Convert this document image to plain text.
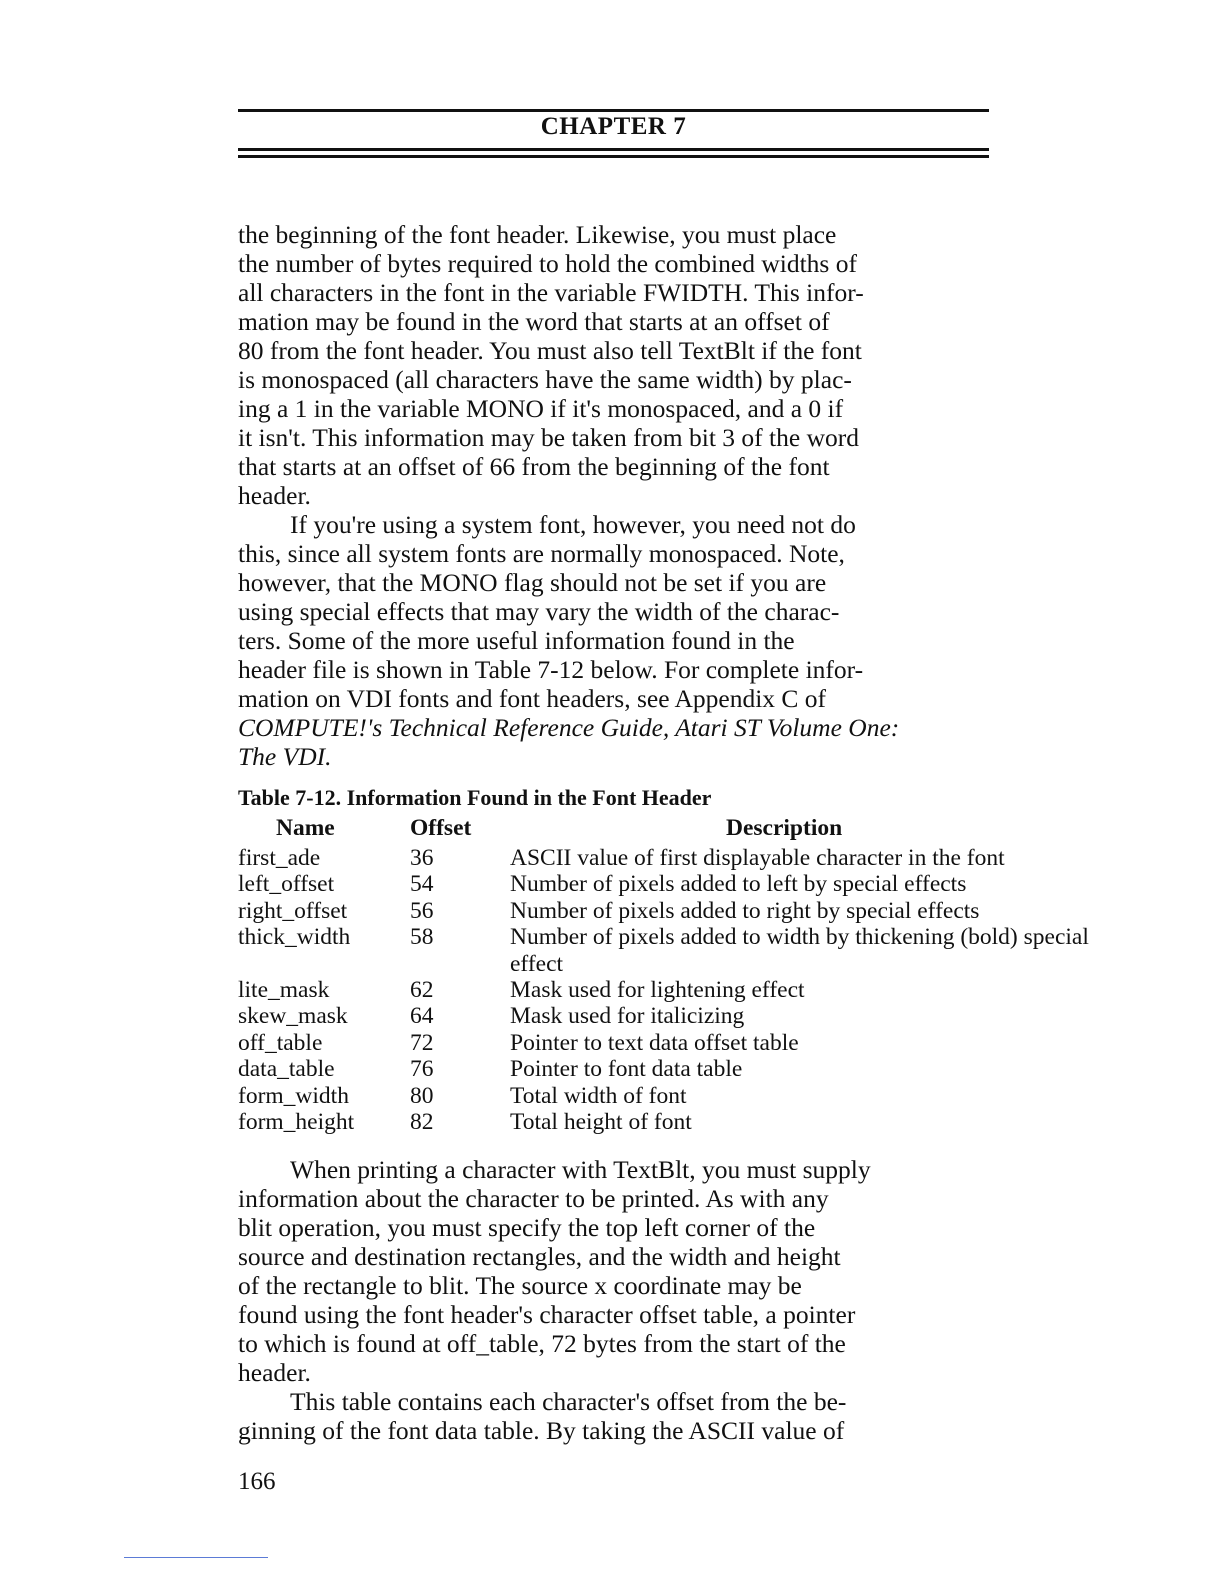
CHAPTER 7
the beginning of the font header. Likewise, you must place
the number of bytes required to hold the combined widths of
all characters in the font in the variable FWIDTH. This infor-
mation may be found in the word that starts at an offset of
80 from the font header. You must also tell TextBlt if the font
is monospaced (all characters have the same width) by plac-
ing a 1 in the variable MONO if it's monospaced, and a 0 if
it isn't. This information may be taken from bit 3 of the word
that starts at an offset of 66 from the beginning of the font
header.
If you're using a system font, however, you need not do
this, since all system fonts are normally monospaced. Note,
however, that the MONO flag should not be set if you are
using special effects that may vary the width of the charac-
ters. Some of the more useful information found in the
header file is shown in Table 7-12 below. For complete infor-
mation on VDI fonts and font headers, see Appendix C of
COMPUTE!'s Technical Reference Guide, Atari ST Volume One:
The VDI.
Table 7-12. Information Found in the Font Header
Name	Offset	Description
first_ade	36	ASCII value of first displayable character in the font
left_offset	54	Number of pixels added to left by special effects
right_offset	56	Number of pixels added to right by special effects
thick_width	58	Number of pixels added to width by thickening (bold) special effect
lite_mask	62	Mask used for lightening effect
skew_mask	64	Mask used for italicizing
off_table	72	Pointer to text data offset table
data_table	76	Pointer to font data table
form_width	80	Total width of font
form_height 82	Total height of font
When printing a character with TextBlt, you must supply
information about the character to be printed. As with any
blit operation, you must specify the top left corner of the
source and destination rectangles, and the width and height
of the rectangle to blit. The source x coordinate may be
found using the font header's character offset table, a pointer
to which is found at off_table, 72 bytes from the start of the
header.
This table contains each character's offset from the be-
ginning of the font data table. By taking the ASCII value of
166
